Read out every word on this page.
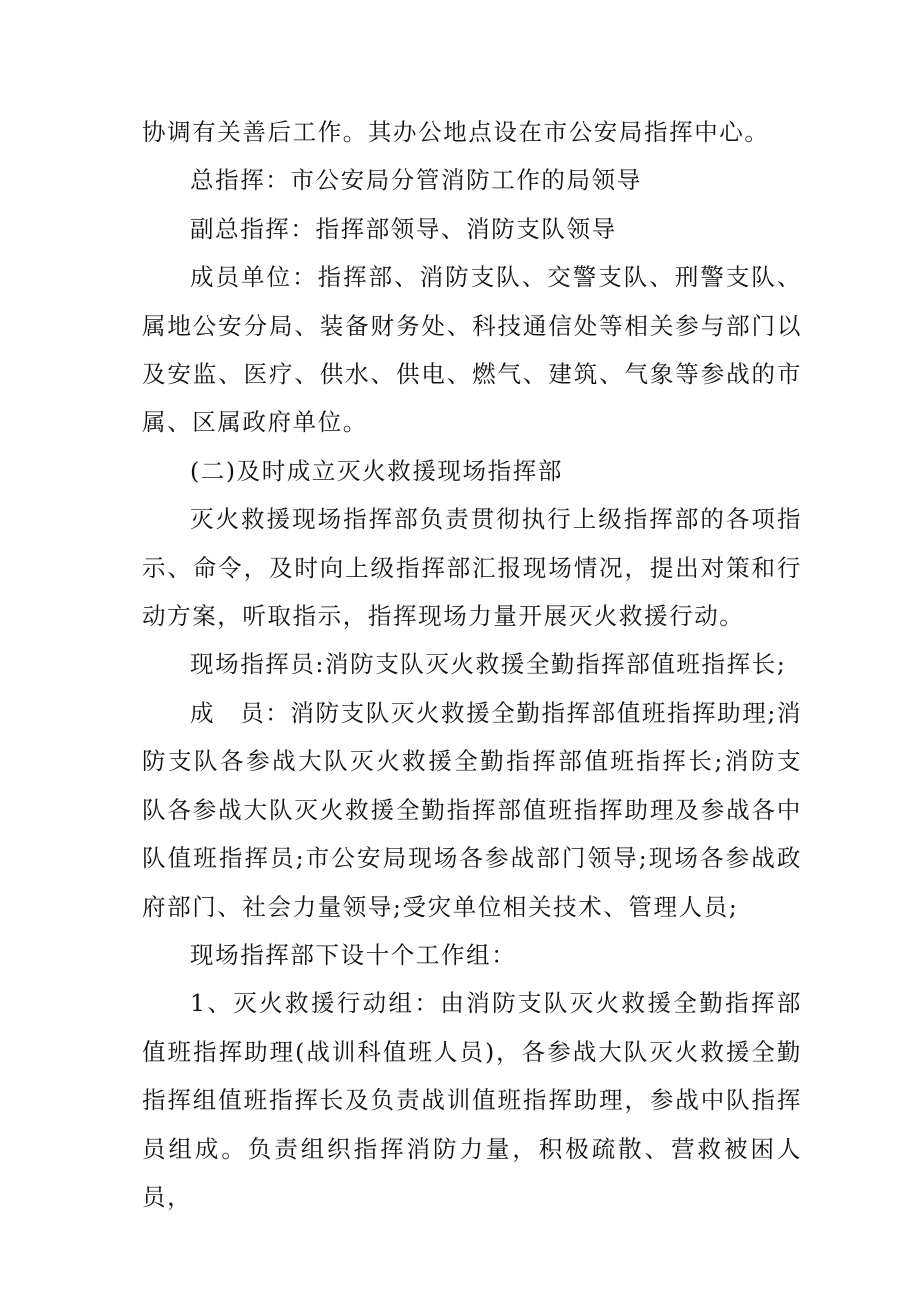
协调有关善后工作。其办公地点设在市公安局指挥中心。

总指挥：市公安局分管消防工作的局领导

副总指挥：指挥部领导、消防支队领导

成员单位：指挥部、消防支队、交警支队、刑警支队、属地公安分局、装备财务处、科技通信处等相关参与部门以及安监、医疗、供水、供电、燃气、建筑、气象等参战的市属、区属政府单位。

(二)及时成立灭火救援现场指挥部

灭火救援现场指挥部负责贯彻执行上级指挥部的各项指示、命令，及时向上级指挥部汇报现场情况，提出对策和行动方案，听取指示，指挥现场力量开展灭火救援行动。

现场指挥员:消防支队灭火救援全勤指挥部值班指挥长;

成　员：消防支队灭火救援全勤指挥部值班指挥助理;消防支队各参战大队灭火救援全勤指挥部值班指挥长;消防支队各参战大队灭火救援全勤指挥部值班指挥助理及参战各中队值班指挥员;市公安局现场各参战部门领导;现场各参战政府部门、社会力量领导;受灾单位相关技术、管理人员;

现场指挥部下设十个工作组：

1、灭火救援行动组：由消防支队灭火救援全勤指挥部值班指挥助理(战训科值班人员)，各参战大队灭火救援全勤指挥组值班指挥长及负责战训值班指挥助理，参战中队指挥员组成。负责组织指挥消防力量，积极疏散、营救被困人员，
